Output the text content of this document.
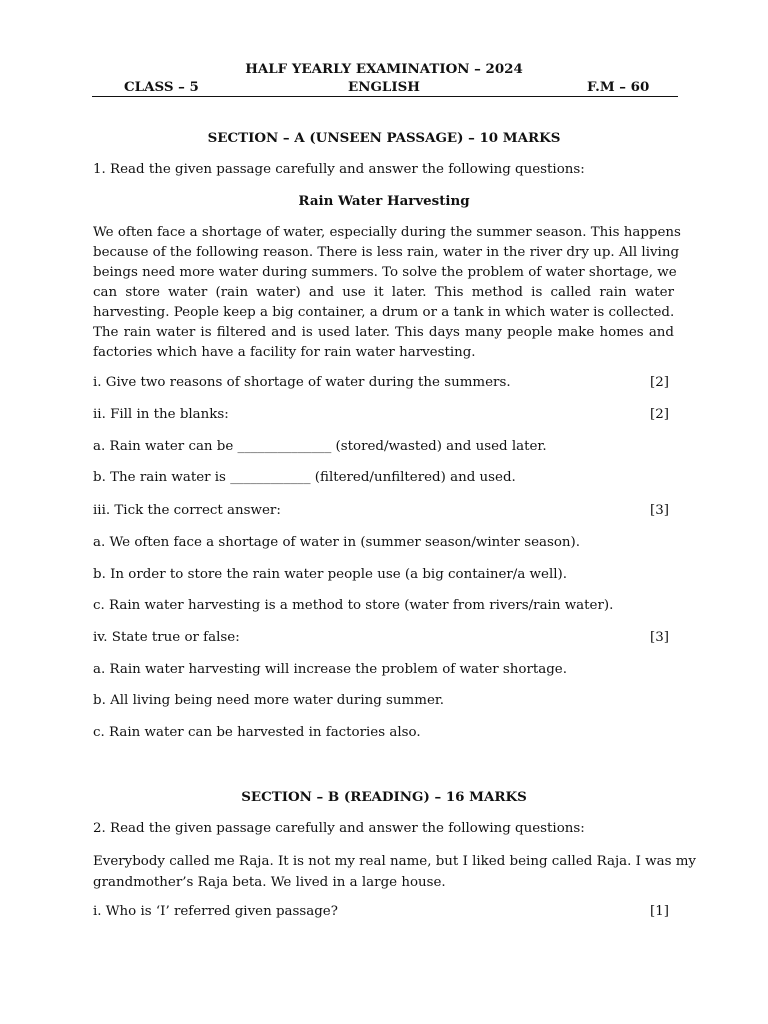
HALF YEARLY EXAMINATION – 2024
CLASS – 5	ENGLISH	F.M – 60
SECTION – A (UNSEEN PASSAGE) – 10 MARKS
1. Read the given passage carefully and answer the following questions:
Rain Water Harvesting
We often face a shortage of water, especially during the summer season. This happens
because of the following reason. There is less rain, water in the river dry up. All living
beings need more water during summers. To solve the problem of water shortage, we
can store water (rain water) and use it later. This method is called rain water
harvesting. People keep a big container, a drum or a tank in which water is collected.
The rain water is filtered and is used later. This days many people make homes and
factories which have a facility for rain water harvesting.
i. Give two reasons of shortage of water during the summers.	[2]
ii. Fill in the blanks:	[2]
a. Rain water can be ______________ (stored/wasted) and used later.
b. The rain water is ____________ (filtered/unfiltered) and used.
iii. Tick the correct answer:	[3]
a. We often face a shortage of water in (summer season/winter season).
b. In order to store the rain water people use (a big container/a well).
c. Rain water harvesting is a method to store (water from rivers/rain water).
iv. State true or false:	[3]
a. Rain water harvesting will increase the problem of water shortage.
b. All living being need more water during summer.
c. Rain water can be harvested in factories also.
SECTION – B (READING) – 16 MARKS
2. Read the given passage carefully and answer the following questions:
Everybody called me Raja. It is not my real name, but I liked being called Raja. I was my
grandmother’s Raja beta. We lived in a large house.
i. Who is ‘I’ referred given passage?	[1]
